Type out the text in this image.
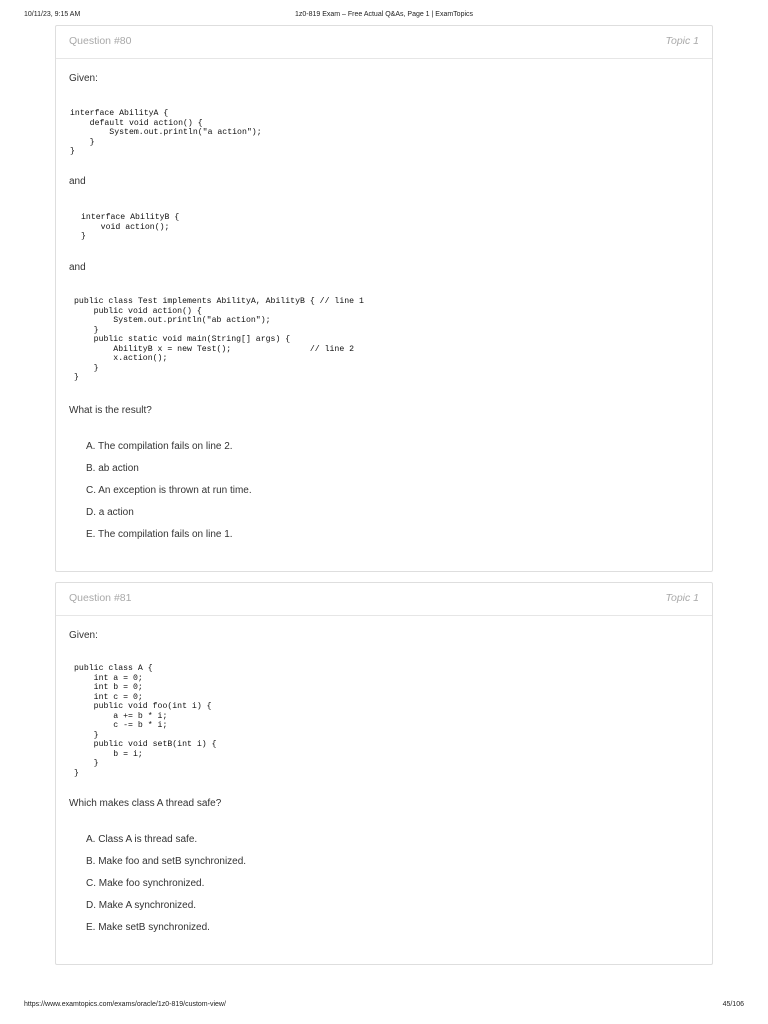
10/11/23, 9:15 AM	1z0-819 Exam – Free Actual Q&As, Page 1 | ExamTopics
Question #80	Topic 1
Given:
interface AbilityA {
default void action() {
System.out.println("a action");
}
}
and
interface AbilityB {
void action();
}
and
public class Test implements AbilityA, AbilityB { // line 1
public void action() {
System.out.println("ab action");
}
public static void main(String[] args) {
AbilityB x = new Test();                // line 2
x.action();
}
}
What is the result?
A. The compilation fails on line 2.
B. ab action
C. An exception is thrown at run time.
D. a action
E. The compilation fails on line 1.
Question #81	Topic 1
Given:
public class A {
int a = 0;
int b = 0;
int c = 0;
public void foo(int i) {
a += b * i;
c -= b * i;
}
public void setB(int i) {
b = i;
}
}
Which makes class A thread safe?
A. Class A is thread safe.
B. Make foo and setB synchronized.
C. Make foo synchronized.
D. Make A synchronized.
E. Make setB synchronized.
https://www.examtopics.com/exams/oracle/1z0-819/custom-view/	45/106
